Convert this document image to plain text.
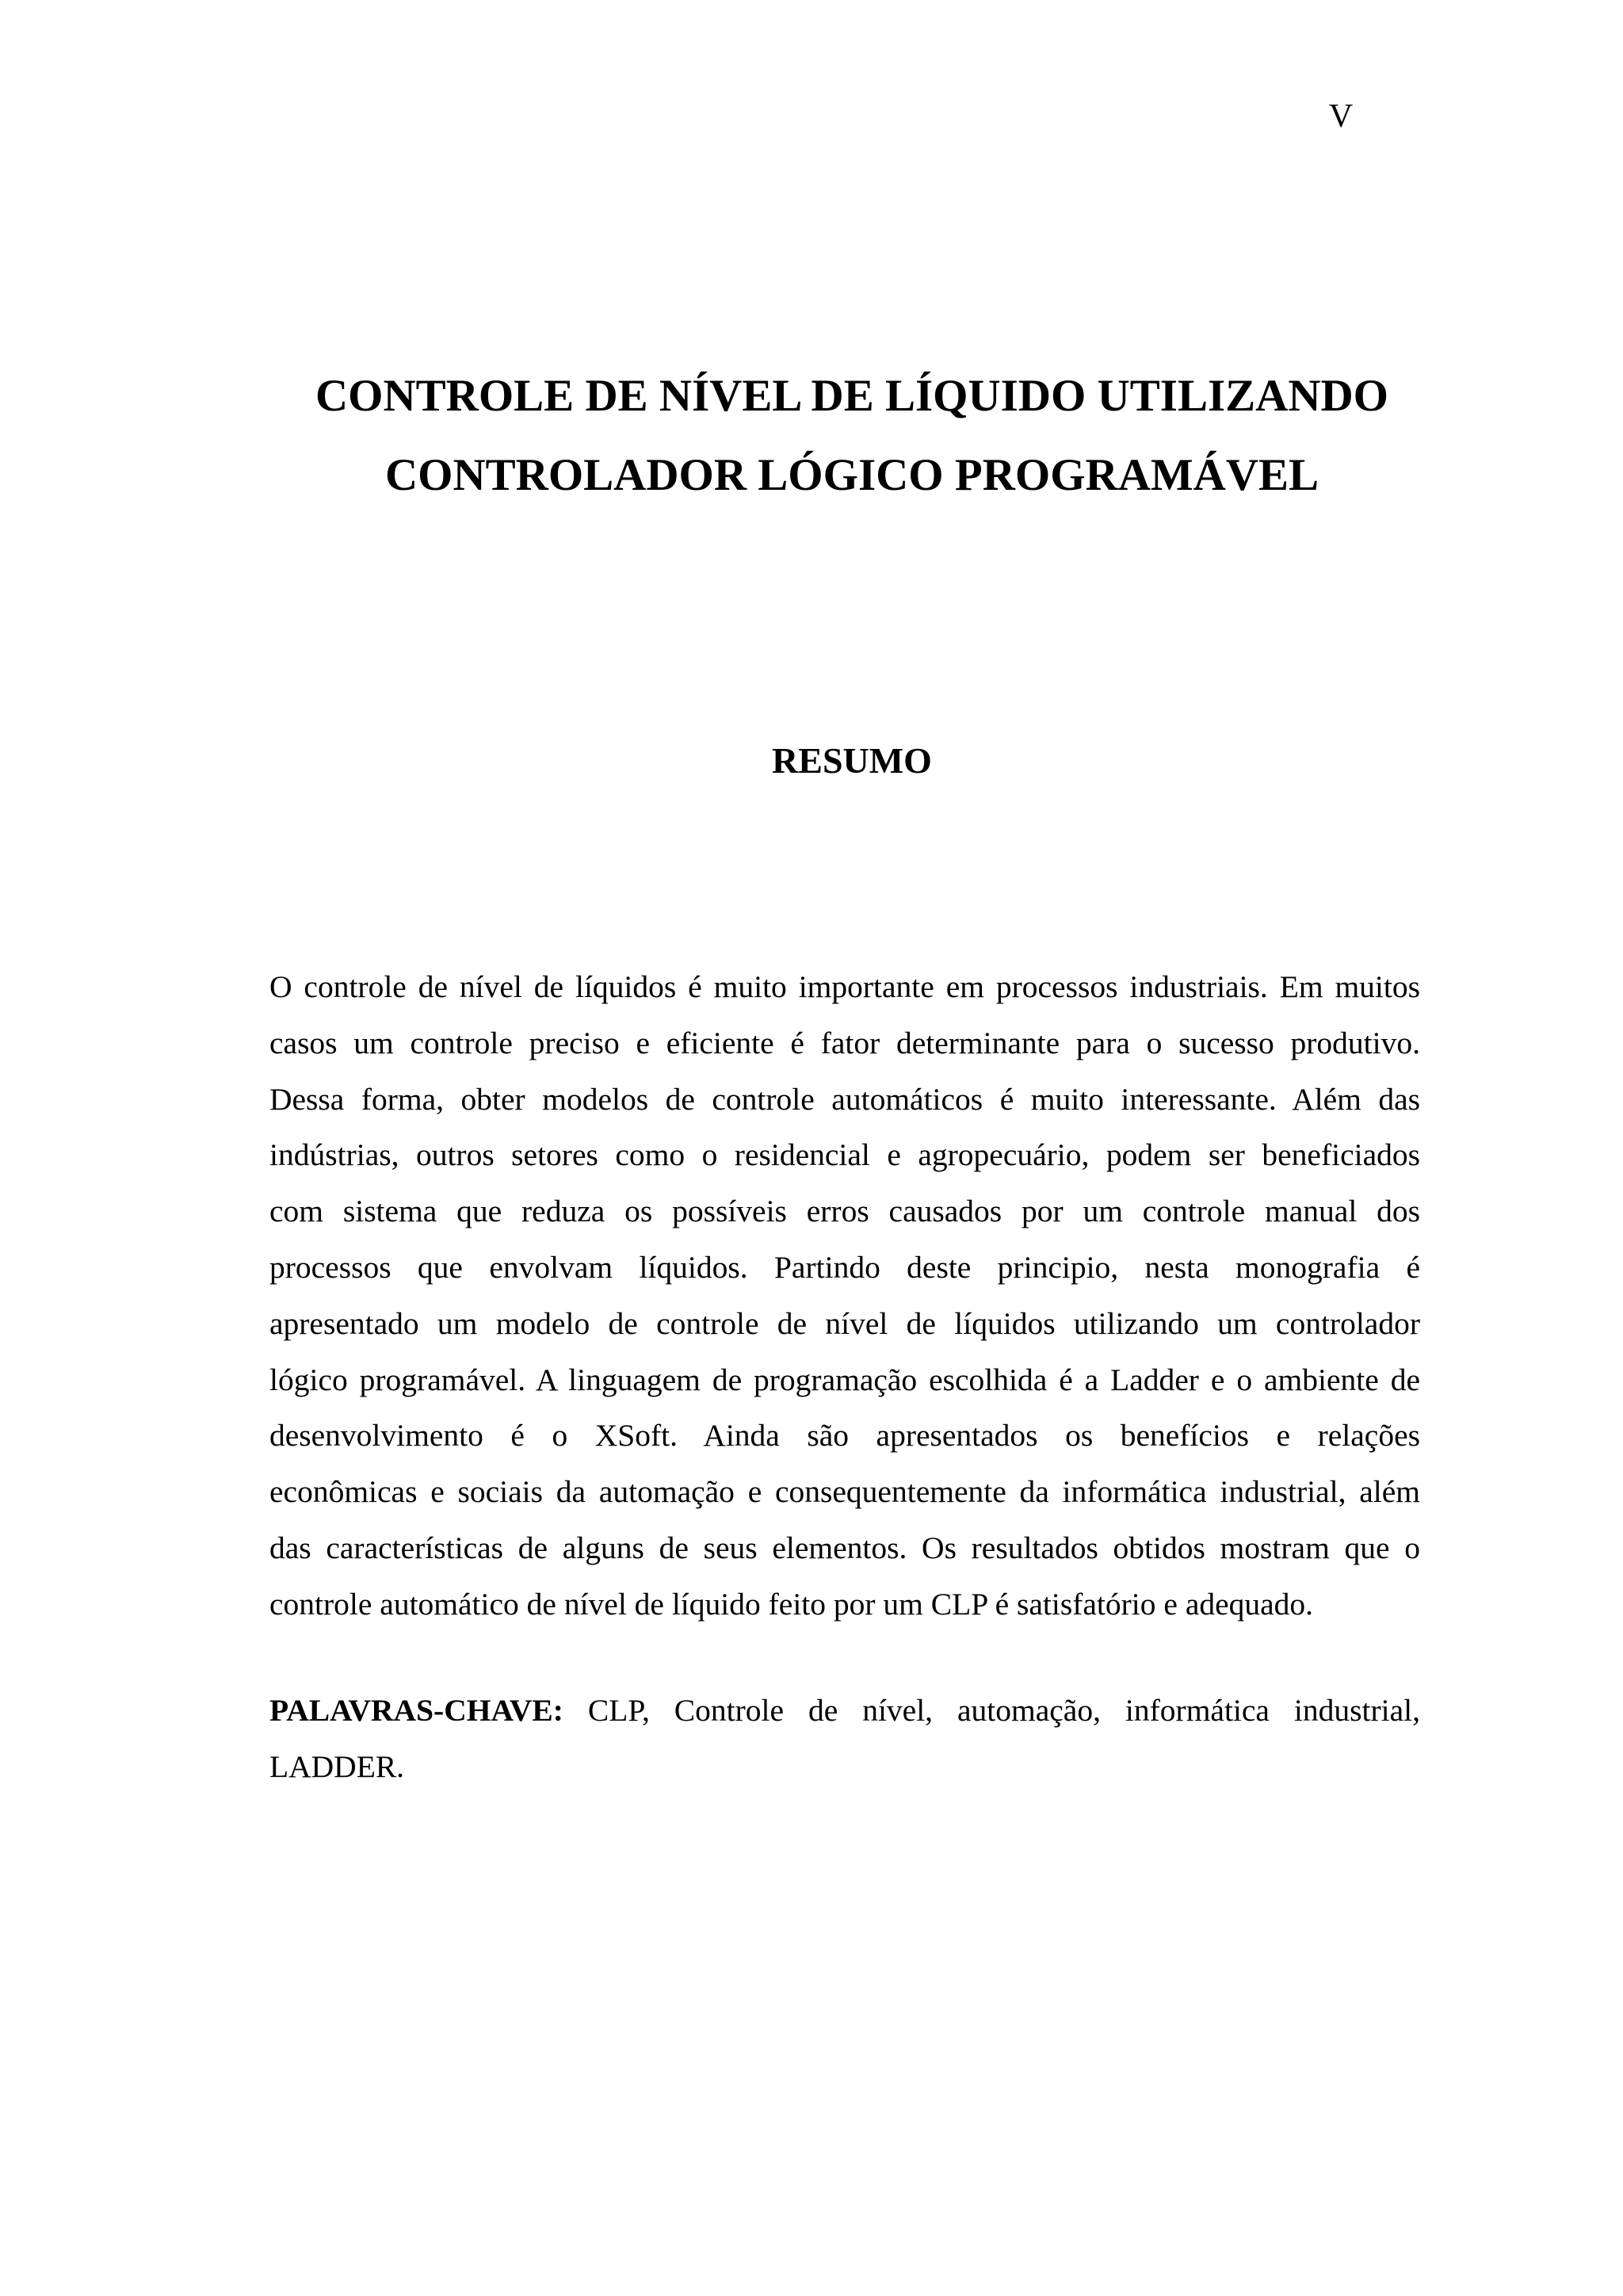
V
CONTROLE DE NÍVEL DE LÍQUIDO UTILIZANDO
CONTROLADOR LÓGICO PROGRAMÁVEL
RESUMO

O controle de nível de líquidos é muito importante em processos industriais. Em muitos
casos um controle preciso e eficiente é fator determinante para o sucesso produtivo.
Dessa forma, obter modelos de controle automáticos é muito interessante. Além das
indústrias, outros setores como o residencial e agropecuário, podem ser beneficiados
com sistema que reduza os possíveis erros causados por um controle manual dos
processos que envolvam líquidos. Partindo deste principio, nesta monografia é
apresentado um modelo de controle de nível de líquidos utilizando um controlador
lógico programável. A linguagem de programação escolhida é a Ladder e o ambiente de
desenvolvimento é o XSoft. Ainda são apresentados os benefícios e relações
econômicas e sociais da automação e consequentemente da informática industrial, além
das características de alguns de seus elementos. Os resultados obtidos mostram que o
controle automático de nível de líquido feito por um CLP é satisfatório e adequado.

PALAVRAS-CHAVE: CLP, Controle de nível, automação, informática industrial,
LADDER.
